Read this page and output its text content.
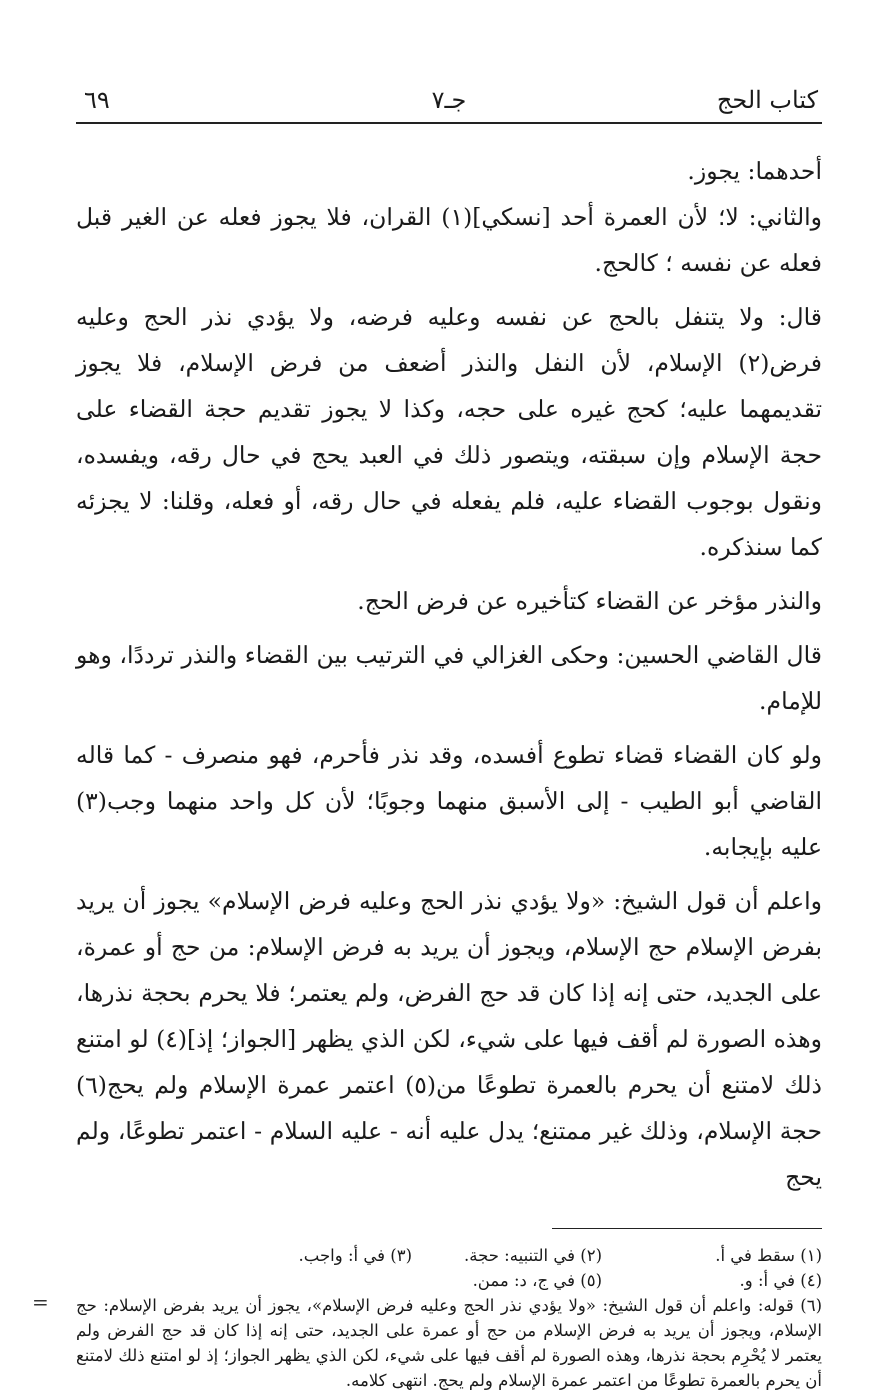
كتاب الحج
جـ٧
٦٩

أحدهما: يجوز.

والثاني: لا؛ لأن العمرة أحد [نسكي](١) القران، فلا يجوز فعله عن الغير قبل فعله عن نفسه ؛ كالحج.

قال: ولا يتنفل بالحج عن نفسه وعليه فرضه، ولا يؤدي نذر الحج وعليه فرض(٢) الإسلام، لأن النفل والنذر أضعف من فرض الإسلام، فلا يجوز تقديمهما عليه؛ كحج غيره على حجه، وكذا لا يجوز تقديم حجة القضاء على حجة الإسلام وإن سبقته، ويتصور ذلك في العبد يحج في حال رقه، ويفسده، ونقول بوجوب القضاء عليه، فلم يفعله في حال رقه، أو فعله، وقلنا: لا يجزئه كما سنذكره.

والنذر مؤخر عن القضاء كتأخيره عن فرض الحج.

قال القاضي الحسين: وحكى الغزالي في الترتيب بين القضاء والنذر ترددًا، وهو للإمام.

ولو كان القضاء قضاء تطوع أفسده، وقد نذر فأحرم، فهو منصرف - كما قاله القاضي أبو الطيب - إلى الأسبق منهما وجوبًا؛ لأن كل واحد منهما وجب(٣) عليه بإيجابه.

واعلم أن قول الشيخ: «ولا يؤدي نذر الحج وعليه فرض الإسلام» يجوز أن يريد بفرض الإسلام حج الإسلام، ويجوز أن يريد به فرض الإسلام: من حج أو عمرة، على الجديد، حتى إنه إذا كان قد حج الفرض، ولم يعتمر؛ فلا يحرم بحجة نذرها، وهذه الصورة لم أقف فيها على شيء، لكن الذي يظهر [الجواز؛ إذ](٤) لو امتنع ذلك لامتنع أن يحرم بالعمرة تطوعًا من(٥) اعتمر عمرة الإسلام ولم يحج(٦) حجة الإسلام، وذلك غير ممتنع؛ يدل عليه أنه - عليه السلام - اعتمر تطوعًا، ولم يحج

(١) سقط في أ.
(٢) في التنبيه: حجة.
(٣) في أ: واجب.
(٤) في أ: و.
(٥) في ج، د: ممن.
(٦) قوله: واعلم أن قول الشيخ: «ولا يؤدي نذر الحج وعليه فرض الإسلام»، يجوز أن يريد بفرض الإسلام: حج الإسلام، ويجوز أن يريد به فرض الإسلام من حج أو عمرة على الجديد، حتى إنه إذا كان قد حج الفرض ولم يعتمر لا يُحْرِم بحجة نذرها، وهذه الصورة لم أقف فيها على شيء، لكن الذي يظهر الجواز؛ إذ لو امتنع ذلك لامتنع أن يحرم بالعمرة تطوعًا من اعتمر عمرة الإسلام ولم يحج. انتهى كلامه.
=
